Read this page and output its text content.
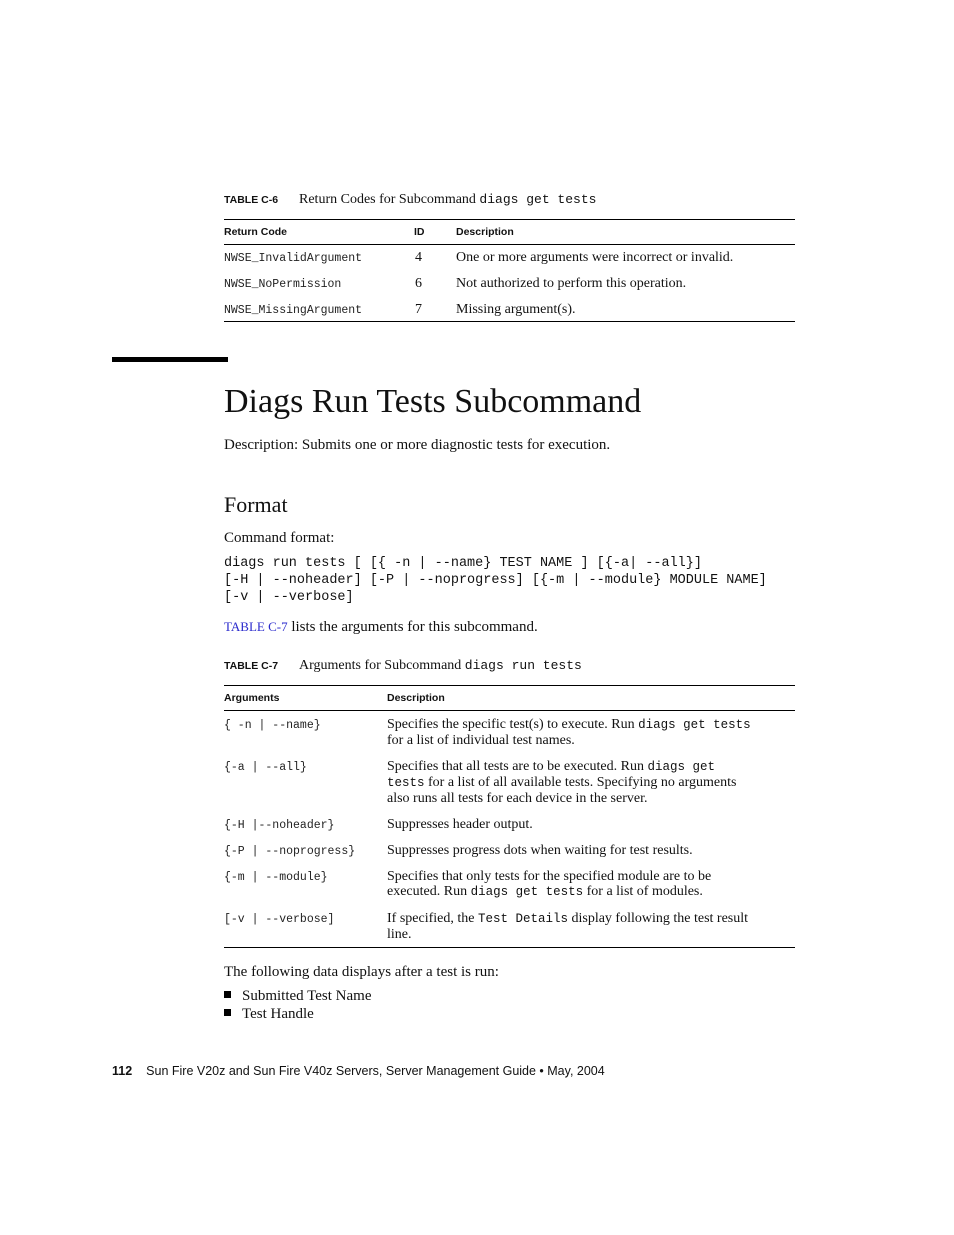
TABLE C-6 Return Codes for Subcommand diags get tests
Return Code	ID	Description
NWSE_InvalidArgument	4 One or more arguments were incorrect or invalid.
NWSE_NoPermission	6 Not authorized to perform this operation.
NWSE_MissingArgument	7 Missing argument(s).
Diags Run Tests Subcommand
Description: Submits one or more diagnostic tests for execution.
Format
Command format:
diags run tests [ [{ -n | --name} TEST NAME ] [{-a| --all}]
[-H | --noheader] [-P | --noprogress] [{-m | --module} MODULE NAME]
[-v | --verbose]
TABLE C-7 lists the arguments for this subcommand.
TABLE C-7 Arguments for Subcommand diags run tests
Arguments	Description
{ -n | --name}	Specifies the specific test(s) to execute. Run diags get tests
for a list of individual test names.
{-a | --all}	Specifies that all tests are to be executed. Run diags get
tests for a list of all available tests. Specifying no arguments
also runs all tests for each device in the server.
{-H |--noheader}	Suppresses header output.
{-P | --noprogress} Suppresses progress dots when waiting for test results.
{-m | --module}	Specifies that only tests for the specified module are to be
executed. Run diags get tests for a list of modules.
[-v | --verbose]	If specified, the Test Details display following the test result
line.
The following data displays after a test is run:
Submitted Test Name
Test Handle
112 Sun Fire V20z and Sun Fire V40z Servers, Server Management Guide • May, 2004
